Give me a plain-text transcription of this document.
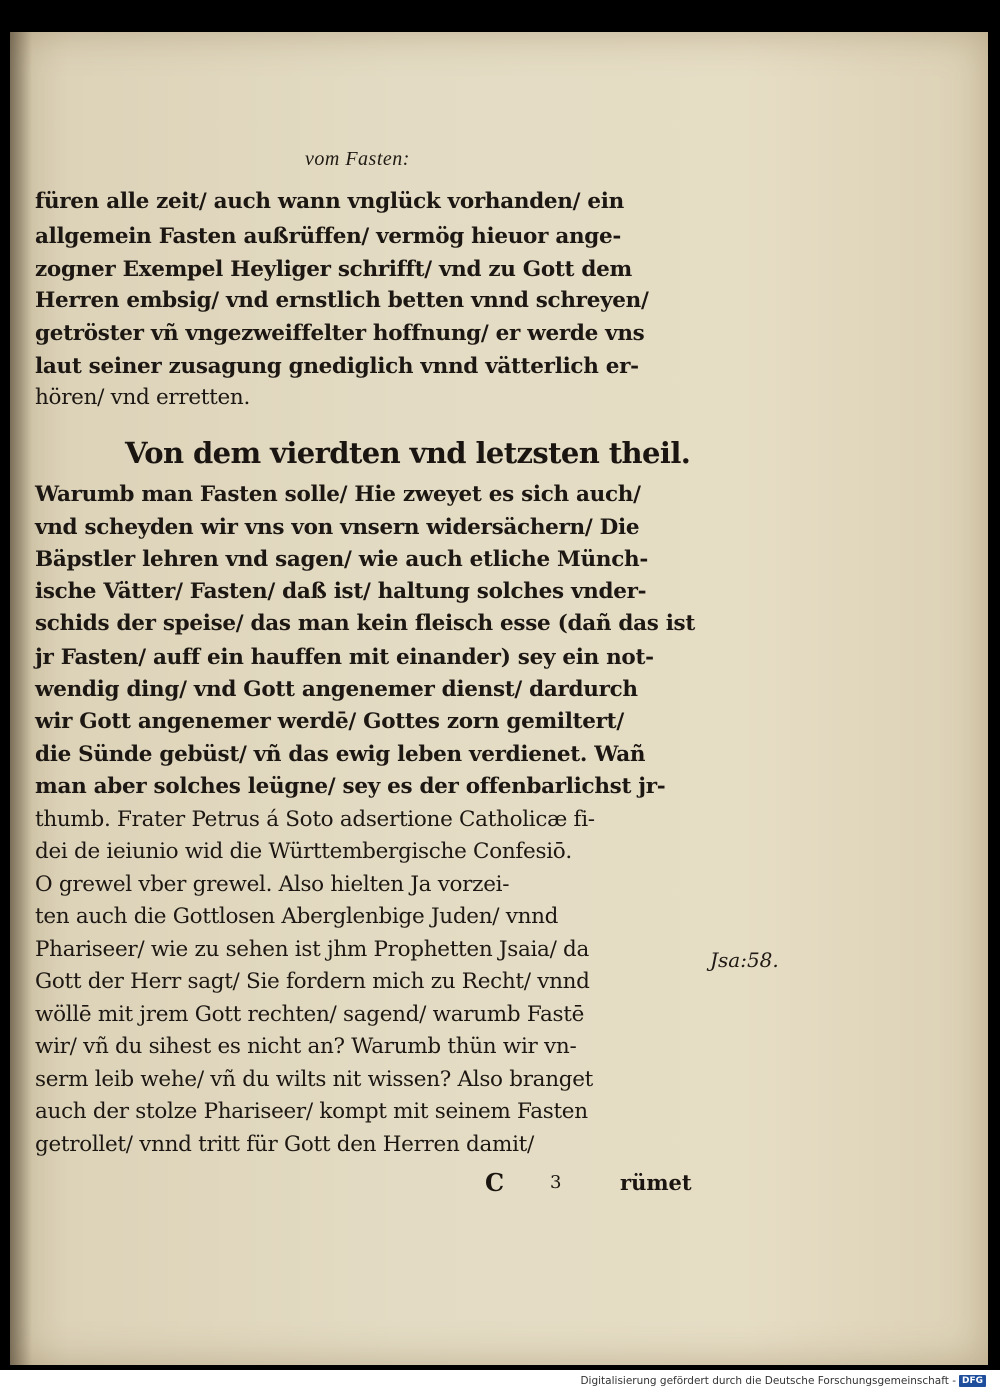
vom Fasten:
füren alle zeit/ auch wann vnglück vorhanden/ ein
allgemein Fasten außrüffen/ vermög hieuor ange-
zogner Exempel Heyliger schrifft/ vnd zu Gott dem
Herren embsig/ vnd ernstlich betten vnnd schreyen/
getröster vñ vngezweiffelter hoffnung/ er werde vns
laut seiner zusagung gnediglich vnnd vätterlich er-
hören/ vnd erretten.
Von dem vierdten vnd letzsten theil.
Warumb man Fasten solle/ Hie zweyet es sich auch/
vnd scheyden wir vns von vnsern widersächern/ Die
Bäpstler lehren vnd sagen/ wie auch etliche Münch-
ische Vätter/ Fasten/ daß ist/ haltung solches vnder-
schids der speise/ das man kein fleisch esse (dañ das ist
jr Fasten/ auff ein hauffen mit einander) sey ein not-
wendig ding/ vnd Gott angenemer dienst/ dardurch
wir Gott angenemer werdē/ Gottes zorn gemiltert/
die Sünde gebüst/ vñ das ewig leben verdienet. Wañ
man aber solches leügne/ sey es der offenbarlichst jr-
thumb. Frater Petrus á Soto adsertione Catholicæ fi-
dei de ieiunio wid die Württembergische Confesiō.
O grewel vber grewel. Also hielten Ja vorzei-
ten auch die Gottlosen Aberglenbige Juden/ vnnd
Phariseer/ wie zu sehen ist jhm Prophetten Jsaia/ da
Gott der Herr sagt/ Sie fordern mich zu Recht/ vnnd
wöllē mit jrem Gott rechten/ sagend/ warumb Fastē
wir/ vñ du sihest es nicht an? Warumb thün wir vn-
serm leib wehe/ vñ du wilts nit wissen? Also branget
auch der stolze Phariseer/ kompt mit seinem Fasten
getrollet/ vnnd tritt für Gott den Herren damit/
C	3	rümet
Jsa:58.
Digitalisierung gefördert durch die Deutsche Forschungsgemeinschaft - DFG
